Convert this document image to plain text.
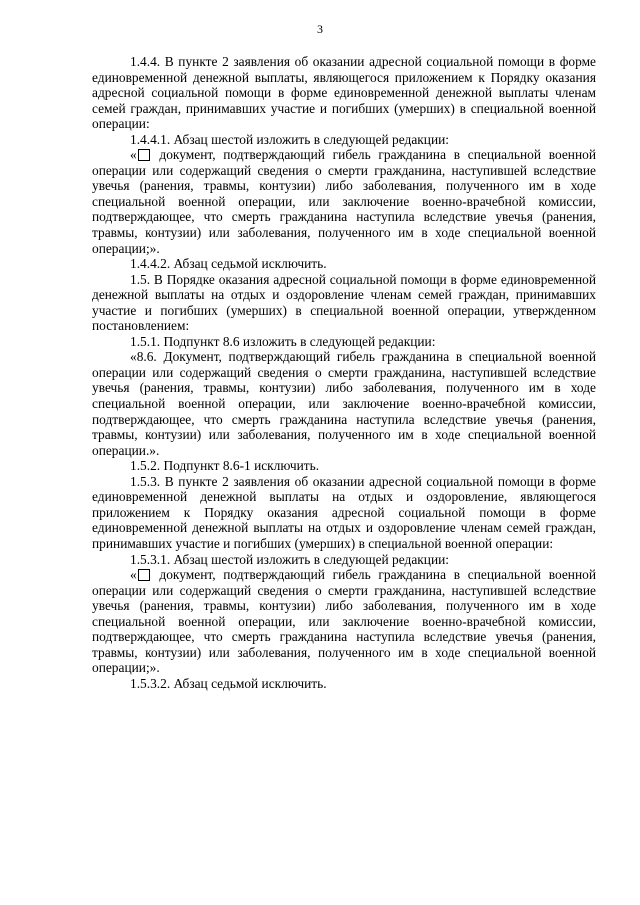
3

1.4.4. В пункте 2 заявления об оказании адресной социальной помощи в форме единовременной денежной выплаты, являющегося приложением к Порядку оказания адресной социальной помощи в форме единовременной денежной выплаты членам семей граждан, принимавших участие и погибших (умерших) в специальной военной операции:

1.4.4.1. Абзац шестой изложить в следующей редакции:

« документ, подтверждающий гибель гражданина в специальной военной операции или содержащий сведения о смерти гражданина, наступившей вследствие увечья (ранения, травмы, контузии) либо заболевания, полученного им в ходе специальной военной операции, или заключение военно-врачебной комиссии, подтверждающее, что смерть гражданина наступила вследствие увечья (ранения, травмы, контузии) или заболевания, полученного им в ходе специальной военной операции;».

1.4.4.2. Абзац седьмой исключить.

1.5. В Порядке оказания адресной социальной помощи в форме единовременной денежной выплаты на отдых и оздоровление членам семей граждан, принимавших участие и погибших (умерших) в специальной военной операции, утвержденном постановлением:

1.5.1. Подпункт 8.6 изложить в следующей редакции:

«8.6. Документ, подтверждающий гибель гражданина в специальной военной операции или содержащий сведения о смерти гражданина, наступившей вследствие увечья (ранения, травмы, контузии) либо заболевания, полученного им в ходе специальной военной операции, или заключение военно-врачебной комиссии, подтверждающее, что смерть гражданина наступила вследствие увечья (ранения, травмы, контузии) или заболевания, полученного им в ходе специальной военной операции.».

1.5.2. Подпункт 8.6-1 исключить.

1.5.3. В пункте 2 заявления об оказании адресной социальной помощи в форме единовременной денежной выплаты на отдых и оздоровление, являющегося приложением к Порядку оказания адресной социальной помощи в форме единовременной денежной выплаты на отдых и оздоровление членам семей граждан, принимавших участие и погибших (умерших) в специальной военной операции:

1.5.3.1. Абзац шестой изложить в следующей редакции:

« документ, подтверждающий гибель гражданина в специальной военной операции или содержащий сведения о смерти гражданина, наступившей вследствие увечья (ранения, травмы, контузии) либо заболевания, полученного им в ходе специальной военной операции, или заключение военно-врачебной комиссии, подтверждающее, что смерть гражданина наступила вследствие увечья (ранения, травмы, контузии) или заболевания, полученного им в ходе специальной военной операции;».

1.5.3.2. Абзац седьмой исключить.
